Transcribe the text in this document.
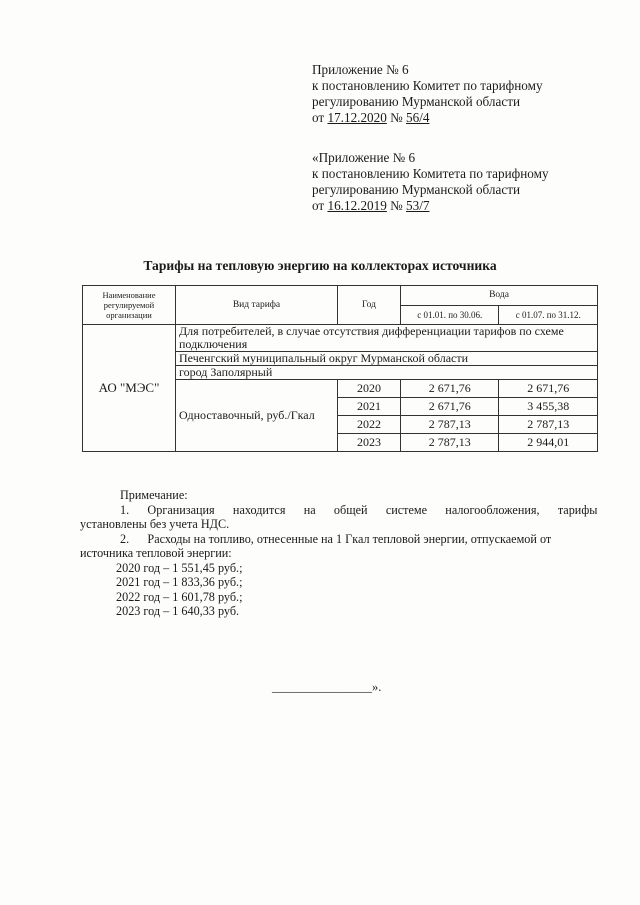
Приложение № 6
к постановлению Комитет по тарифному
регулированию Мурманской области
от 17.12.2020 № 56/4
«Приложение № 6
к постановлению Комитета по тарифному
регулированию Мурманской области
от 16.12.2019 № 53/7
Тарифы на тепловую энергию на коллекторах источника
Наименование регулируемой организации	Вид тарифа	Год	Вода	
			с 01.01. по 30.06.	с 01.07. по 31.12.
АО "МЭС"	Для потребителей, в случае отсутствия дифференциации тарифов по схеме подключения			
	Печенгский муниципальный округ Мурманской области			
	город Заполярный			
	Одноставочный, руб./Гкал	2020	2 671,76	2 671,76
		2021	2 671,76	3 455,38
		2022	2 787,13	2 787,13
		2023	2 787,13	2 944,01

Примечание:

1.      Организация      находится      на      общей      системе      налогообложения,      тарифы

установлены без учета НДС.

2.      Расходы на топливо, отнесенные на 1 Гкал тепловой энергии, отпускаемой от

источника тепловой энергии:

2020 год – 1 551,45 руб.;

2021 год – 1 833,36 руб.;

2022 год – 1 601,78 руб.;

2023 год – 1 640,33 руб.

________________».
